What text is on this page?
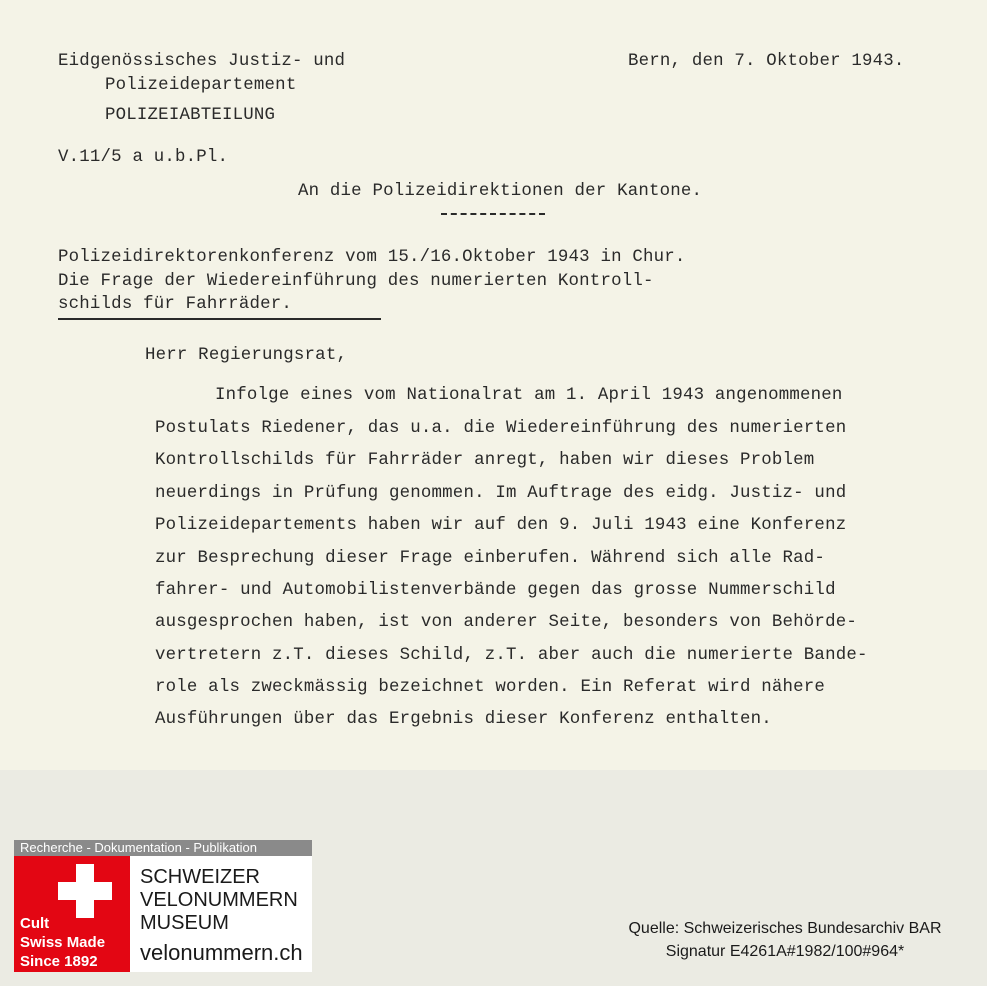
Eidgenössisches Justiz- und
Polizeidepartement
POLIZEIABTEILUNG
Bern, den 7. Oktober 1943.
V.11/5 a u.b.Pl.
An die Polizeidirektionen der Kantone.
Polizeidirektorenkonferenz vom 15./16.Oktober 1943 in Chur.
Die Frage der Wiedereinführung des numerierten Kontroll-
schilds für Fahrräder.
Herr Regierungsrat,
Infolge eines vom Nationalrat am 1. April 1943 angenommenen
Postulats Riedener, das u.a. die Wiedereinführung des numerierten
Kontrollschilds für Fahrräder anregt, haben wir dieses Problem
neuerdings in Prüfung genommen. Im Auftrage des eidg. Justiz- und
Polizeidepartements haben wir auf den 9. Juli 1943 eine Konferenz
zur Besprechung dieser Frage einberufen. Während sich alle Rad-
fahrer- und Automobilistenverbände gegen das grosse Nummerschild
ausgesprochen haben, ist von anderer Seite, besonders von Behörde-
vertretern z.T. dieses Schild, z.T. aber auch die numerierte Bande-
role als zweckmässig bezeichnet worden. Ein Referat wird nähere
Ausführungen über das Ergebnis dieser Konferenz enthalten.
Recherche - Dokumentation - Publikation
Cult
Swiss Made
Since 1892
SCHWEIZER
VELONUMMERN
MUSEUM
velonummern.ch
Quelle: Schweizerisches Bundesarchiv BAR
Signatur E4261A#1982/100#964*
